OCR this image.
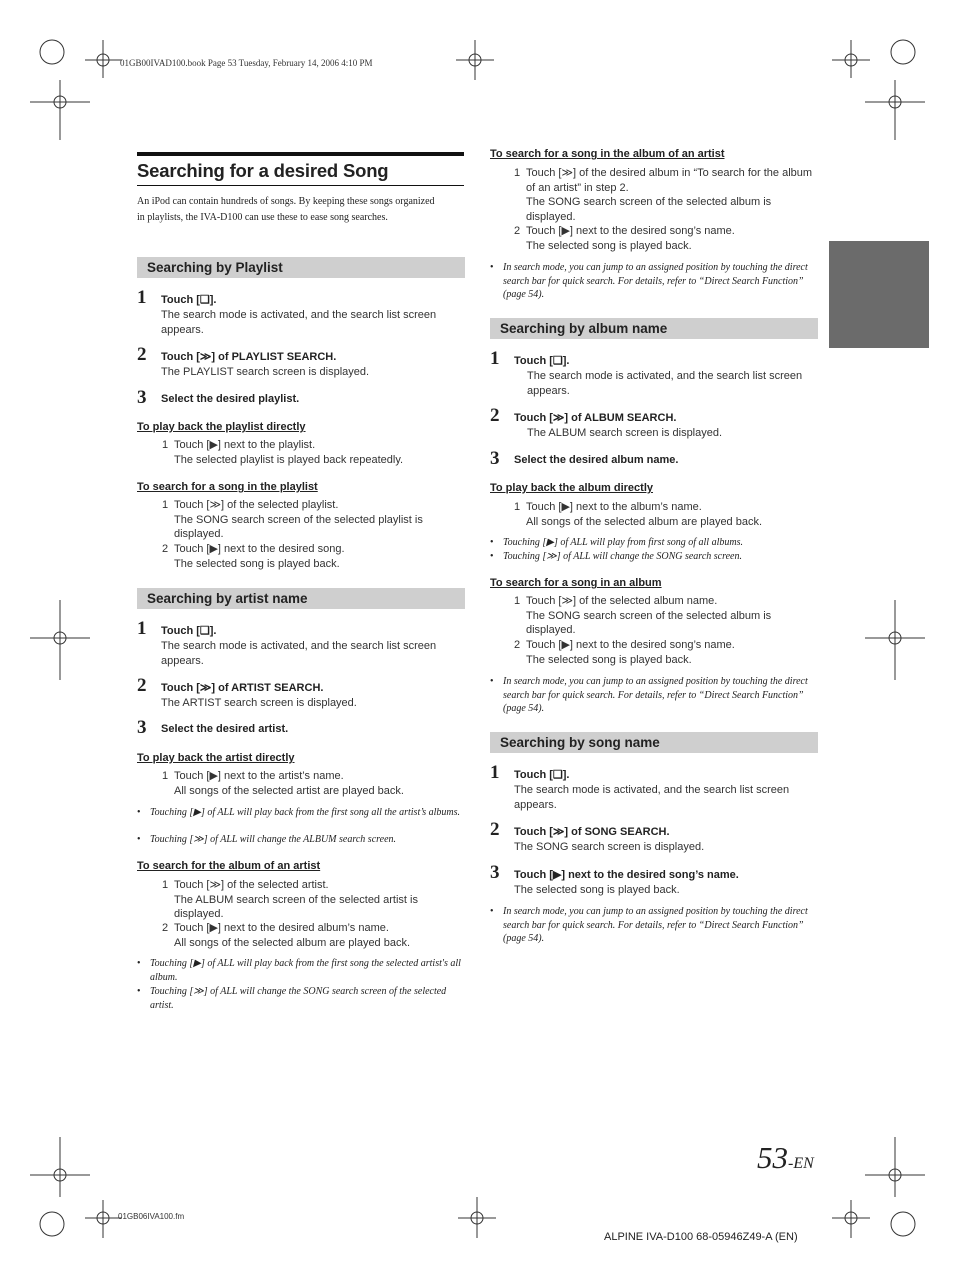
01GB00IVAD100.book Page 53 Tuesday, February 14, 2006 4:10 PM
Searching for a desired Song
An iPod can contain hundreds of songs. By keeping these songs organized in playlists, the IVA-D100 can use these to ease song searches.
Searching by Playlist
1 Touch [❏].
The search mode is activated, and the search list screen appears.
2 Touch [≫] of PLAYLIST SEARCH.
The PLAYLIST search screen is displayed.
3 Select the desired playlist.
To play back the playlist directly
1 Touch [▶] next to the playlist.
The selected playlist is played back repeatedly.
To search for a song in the playlist
1 Touch [≫] of the selected playlist.
The SONG search screen of the selected playlist is displayed.
2 Touch [▶] next to the desired song.
The selected song is played back.
Searching by artist name
1 Touch [❏].
The search mode is activated, and the search list screen appears.
2 Touch [≫] of ARTIST SEARCH.
The ARTIST search screen is displayed.
3 Select the desired artist.
To play back the artist directly
1 Touch [▶] next to the artist’s name.
All songs of the selected artist are played back.
• Touching [▶] of ALL will play back from the first song all the artist’s albums.
• Touching [≫] of ALL will change the ALBUM search screen.
To search for the album of an artist
1 Touch [≫] of the selected artist.
The ALBUM search screen of the selected artist is displayed.
2 Touch [▶] next to the desired album’s name.
All songs of the selected album are played back.
• Touching [▶] of ALL will play back from the first song the selected artist's all album.
• Touching [≫] of ALL will change the SONG search screen of the selected artist.
To search for a song in the album of an artist
1 Touch [≫] of the desired album in “To search for the album of an artist” in step 2.
The SONG search screen of the selected album is displayed.
2 Touch [▶] next to the desired song’s name.
The selected song is played back.
• In search mode, you can jump to an assigned position by touching the direct search bar for quick search. For details, refer to “Direct Search Function” (page 54).
Searching by album name
1 Touch [❏].
The search mode is activated, and the search list screen appears.
2 Touch [≫] of ALBUM SEARCH.
The ALBUM search screen is displayed.
3 Select the desired album name.
To play back the album directly
1 Touch [▶] next to the album’s name.
All songs of the selected album are played back.
• Touching [▶] of ALL will play from first song of all albums.
• Touching [≫] of ALL will change the SONG search screen.
To search for a song in an album
1 Touch [≫] of the selected album name.
The SONG search screen of the selected album is displayed.
2 Touch [▶] next to the desired song’s name.
The selected song is played back.
• In search mode, you can jump to an assigned position by touching the direct search bar for quick search. For details, refer to “Direct Search Function” (page 54).
Searching by song name
1 Touch [❏].
The search mode is activated, and the search list screen appears.
2 Touch [≫] of SONG SEARCH.
The SONG search screen is displayed.
3 Touch [▶] next to the desired song’s name.
The selected song is played back.
• In search mode, you can jump to an assigned position by touching the direct search bar for quick search. For details, refer to “Direct Search Function” (page 54).
53-EN
01GB06IVA100.fm
ALPINE IVA-D100 68-05946Z49-A (EN)
